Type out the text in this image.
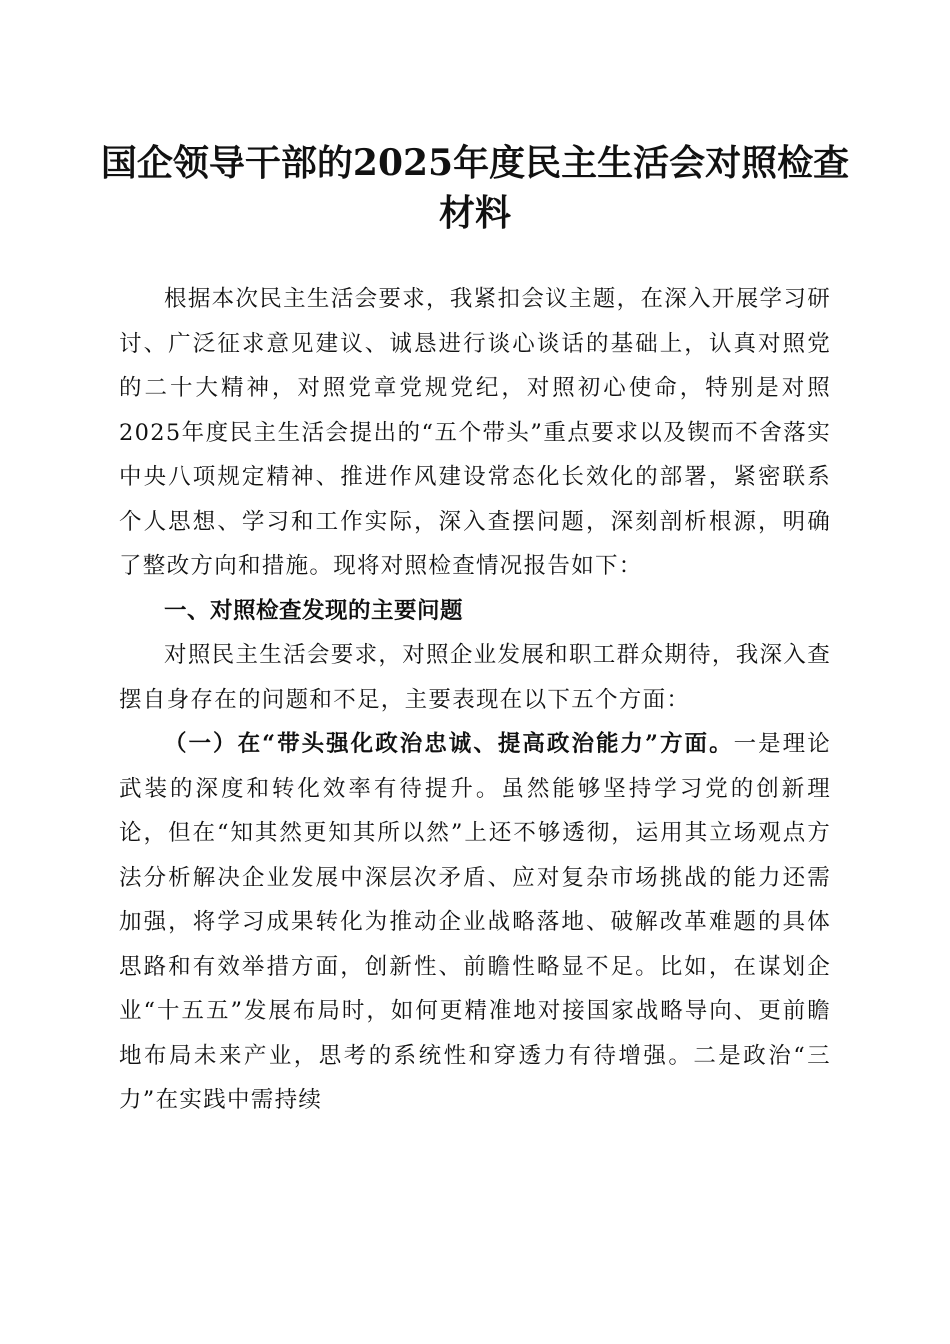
国企领导干部的2025年度民主生活会对照检查材料

根据本次民主生活会要求，我紧扣会议主题，在深入开展学习研讨、广泛征求意见建议、诚恳进行谈心谈话的基础上，认真对照党的二十大精神，对照党章党规党纪，对照初心使命，特别是对照2025年度民主生活会提出的“五个带头”重点要求以及锲而不舍落实中央八项规定精神、推进作风建设常态化长效化的部署，紧密联系个人思想、学习和工作实际，深入查摆问题，深刻剖析根源，明确了整改方向和措施。现将对照检查情况报告如下：

一、对照检查发现的主要问题

对照民主生活会要求，对照企业发展和职工群众期待，我深入查摆自身存在的问题和不足，主要表现在以下五个方面：

（一）在“带头强化政治忠诚、提高政治能力”方面。一是理论武装的深度和转化效率有待提升。虽然能够坚持学习党的创新理论，但在“知其然更知其所以然”上还不够透彻，运用其立场观点方法分析解决企业发展中深层次矛盾、应对复杂市场挑战的能力还需加强，将学习成果转化为推动企业战略落地、破解改革难题的具体思路和有效举措方面，创新性、前瞻性略显不足。比如，在谋划企业“十五五”发展布局时，如何更精准地对接国家战略导向、更前瞻地布局未来产业，思考的系统性和穿透力有待增强。二是政治“三力”在实践中需持续
